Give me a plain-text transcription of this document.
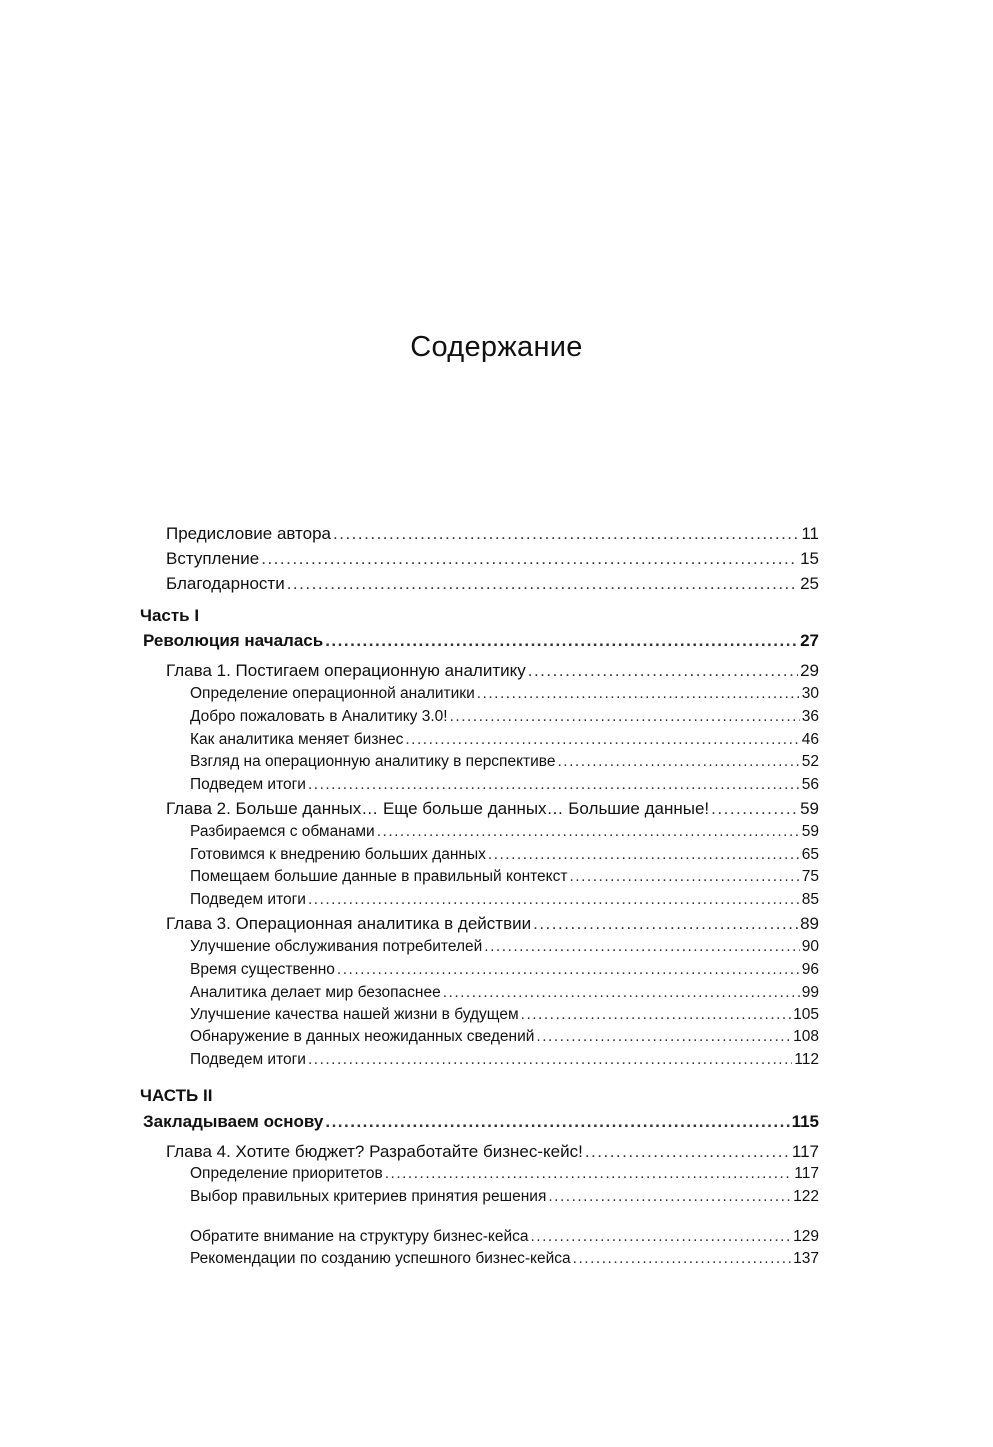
Содержание
Предисловие автора .....	11
Вступление .....	15
Благодарности .....	25
Часть I
Революция началась .....	27
Глава 1. Постигаем операционную аналитику .....	29
Определение операционной аналитики .....	30
Добро пожаловать в Аналитику 3.0! .....	36
Как аналитика меняет бизнес .....	46
Взгляд на операционную аналитику в перспективе .....	52
Подведем итоги .....	56
Глава 2. Больше данных… Еще больше данных… Большие данные! .....	59
Разбираемся с обманами .....	59
Готовимся к внедрению больших данных .....	65
Помещаем большие данные в правильный контекст .....	75
Подведем итоги .....	85
Глава 3. Операционная аналитика в действии .....	89
Улучшение обслуживания потребителей .....	90
Время существенно .....	96
Аналитика делает мир безопаснее .....	99
Улучшение качества нашей жизни в будущем .....	105
Обнаружение в данных неожиданных сведений .....	108
Подведем итоги .....	112
ЧАСТЬ II
Закладываем основу .....	115
Глава 4. Хотите бюджет? Разработайте бизнес-кейс! .....	117
Определение приоритетов .....	117
Выбор правильных критериев принятия решения .....	122
Обратите внимание на структуру бизнес-кейса .....	129
Рекомендации по созданию успешного бизнес-кейса .....	137
